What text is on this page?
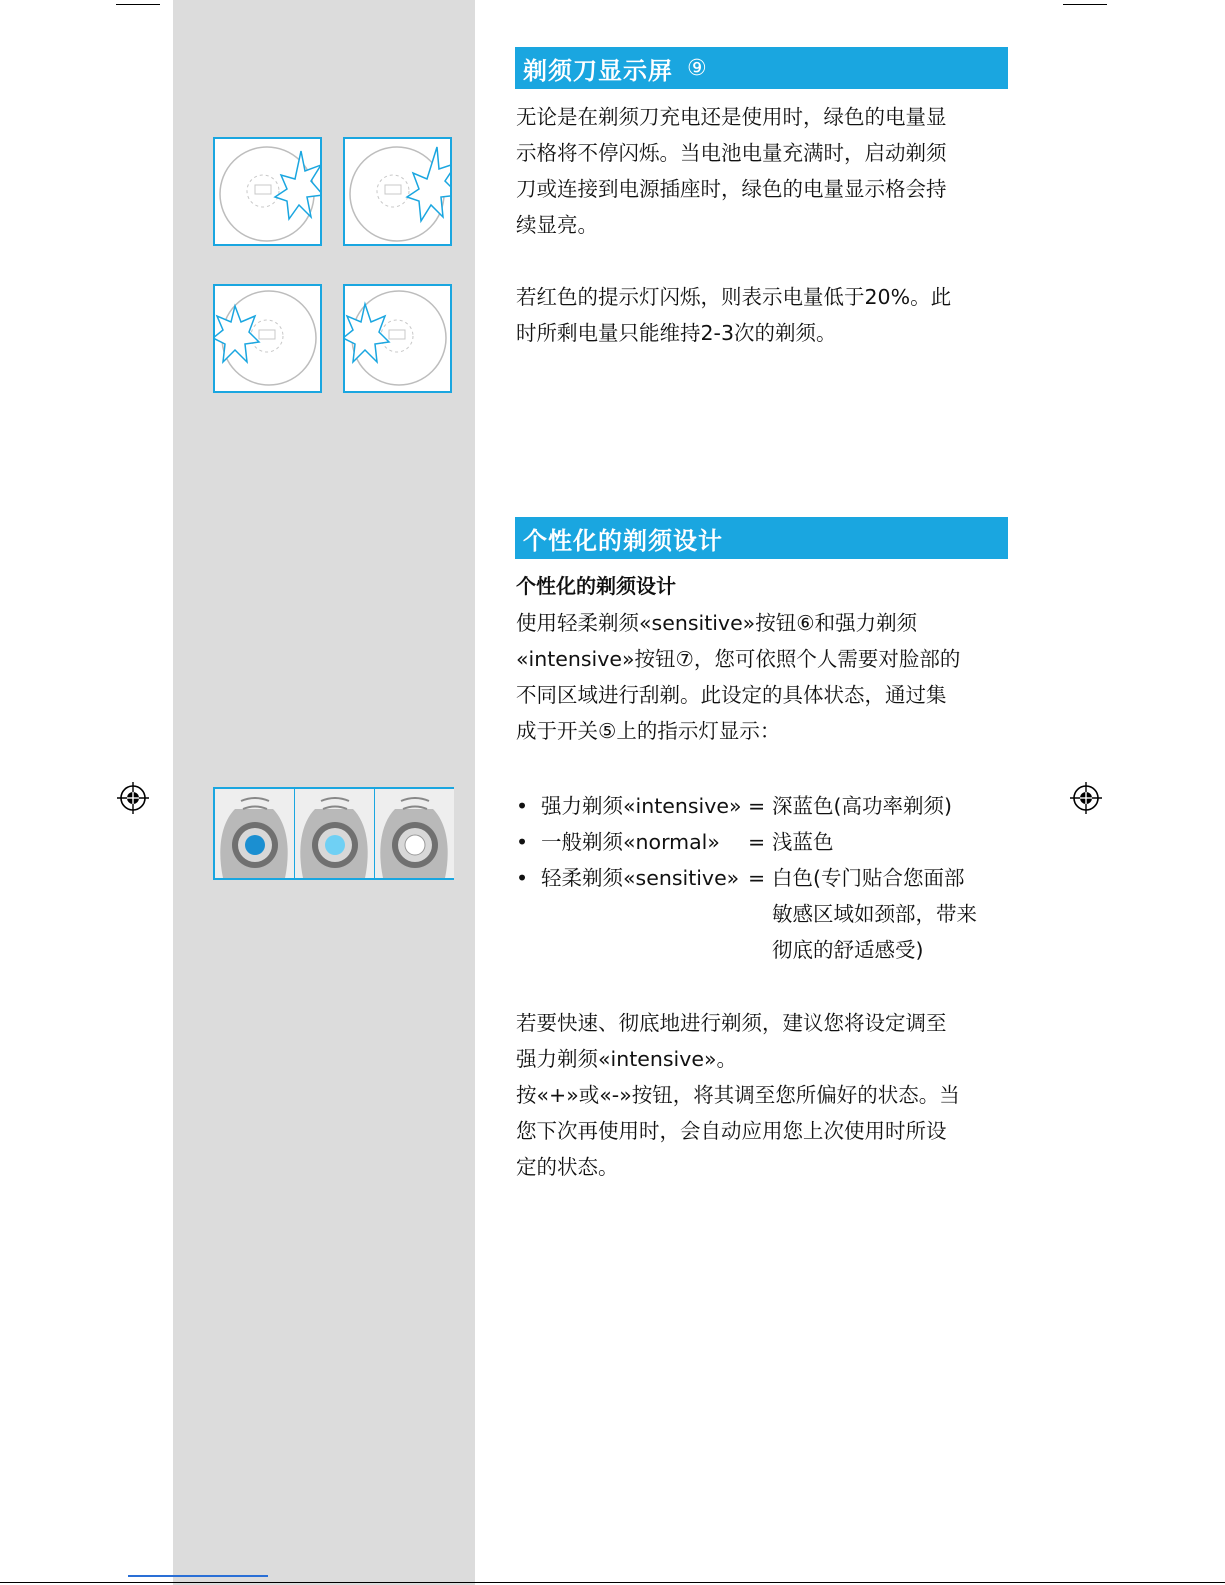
剃须刀显示屏 ⑨
无论是在剃须刀充电还是使用时，绿色的电量显
示格将不停闪烁。当电池电量充满时，启动剃须
刀或连接到电源插座时，绿色的电量显示格会持
续显亮。
若红色的提示灯闪烁，则表示电量低于20%。此
时所剩电量只能维持2-3次的剃须。
个性化的剃须设计
个性化的剃须设计
使用轻柔剃须«sensitive»按钮⑥和强力剃须
«intensive»按钮⑦，您可依照个人需要对脸部的
不同区域进行刮剃。此设定的具体状态，通过集
成于开关⑤上的指示灯显示：
• 强力剃须«intensive» = 深蓝色(高功率剃须)
• 一般剃须«normal» = 浅蓝色
• 轻柔剃须«sensitive» = 白色(专门贴合您面部
敏感区域如颈部，带来
彻底的舒适感受)
若要快速、彻底地进行剃须，建议您将设定调至
强力剃须«intensive»。
按«+»或«-»按钮，将其调至您所偏好的状态。当
您下次再使用时，会自动应用您上次使用时所设
定的状态。
